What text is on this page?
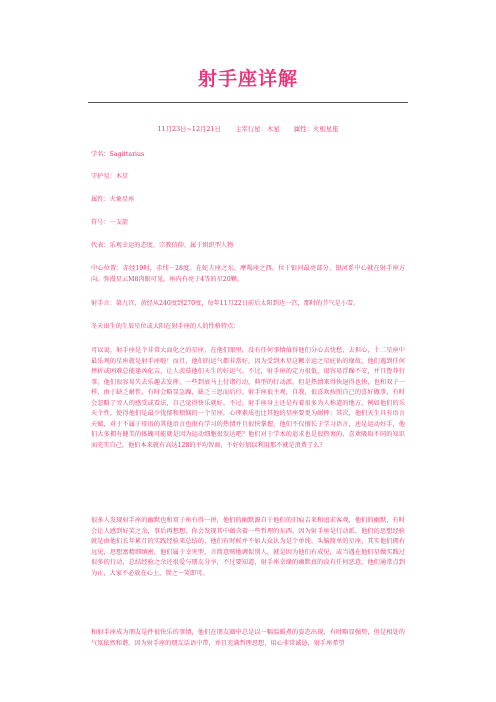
射手座详解
11月23日~12月21日 主宰行星：木星 属性：火相星座

学名：Sagittarius

守护星：木星

属性：火象星座

符号：一支箭

代表：乐观幸运的态度、宗教信仰、属于組织型人物

中心位置：赤经19时，赤纬－28度。在蛇夫座之东，摩羯座之西。位于银河最亮部分，银河系中心就在射手座方向。弥漫星云M8肉眼可见。座内有亮于4等的星20颗。

射手言：第九宫，黄经从240度到270度，每年11月22日前后太阳到达一宫，那时的节气是小雪。

冬天出生的生辰星位或太阳在射手座的人的性格特点：

可以说，射手座是个非常大而化之的星座，在他们眼里，没有任何事情值得他们分心去忧愁，去担心，十二星座中最乐观的星座就是射手座啦！而且，他们的运气都非常好，因为受到木星这颗幸运之星庇佑的缘故，他们遇到任何挫折或困难总能逢凶化吉，让人羡慕他们天生的好运气。不过，射手座的定力很低，很容易浮躁不安，并且鲁莽行事，他们很容易失去乐趣去发挥，一些到底马上付诸行动，典型的行动派。但是热情来得快退得也快，也和双子一样，由于缺乏耐性，有时会略显急躁，缺乏三思而后行。射手座很主观，自我，很喜欢按照自己的喜好做事，有时会忽略了旁人的感受或看法，自己觉得快乐就好。不过，射手座身上还是有着很多为人称道的地方，例如他们的乐天个性，使得他们是最少忧郁和烦恼的一个星座，心理素质也比其他的星座要更为耐摔；其次，他们天生具有语言天赋，对于不属于母语的其他语言也很有学习的热情并且很快掌握，他们不仅擅长于学习语言，还是运动好手，他们大多拥有健美的体魄可能就是因为运动细胞很发达吧？他们对于学术的追求也是很热衷的，喜欢吸取不同的知识而充实自己，他们本来就有高达128的平均智商，不好好加以利用那不就是浪费了么？

很多人发现射手座的幽默也和双子座有得一拼，他们的幽默源自于他们的旧痕吉来和追求客观，他们的幽默，有时会让人感到好笑之余，事后再想想，你会发现其中蕴含着一些哲理的东西，因为射手座是行动派，他们的思想经验就是由他们长年累月的实践经验来总结的，他们有时候并不如大众认为是个单纯、头脑简单的星座，其实他们拥有远见，思想富精细缜密，他们属于幸灾型，言简意赅地调侃别人，就是因为他们有成见，或当遇在他们星做实践过很多的行动，总结经验之余还很爱与朋友分享，不过要知道，射手座幸缘的幽默真的没有任何恶意，他们通常点到为止，大家不必放在心上，置之一笑即可。

和射手座成为朋友是件很快乐的事情，他们在朋友圈中总是以一幅温暖煮的姿态出现，有时略显强势，但是相处的气氛依然和谐，因为射手座的朋友话语中带，并且充满哲理思想，用心非常诚恳，射手座希望
